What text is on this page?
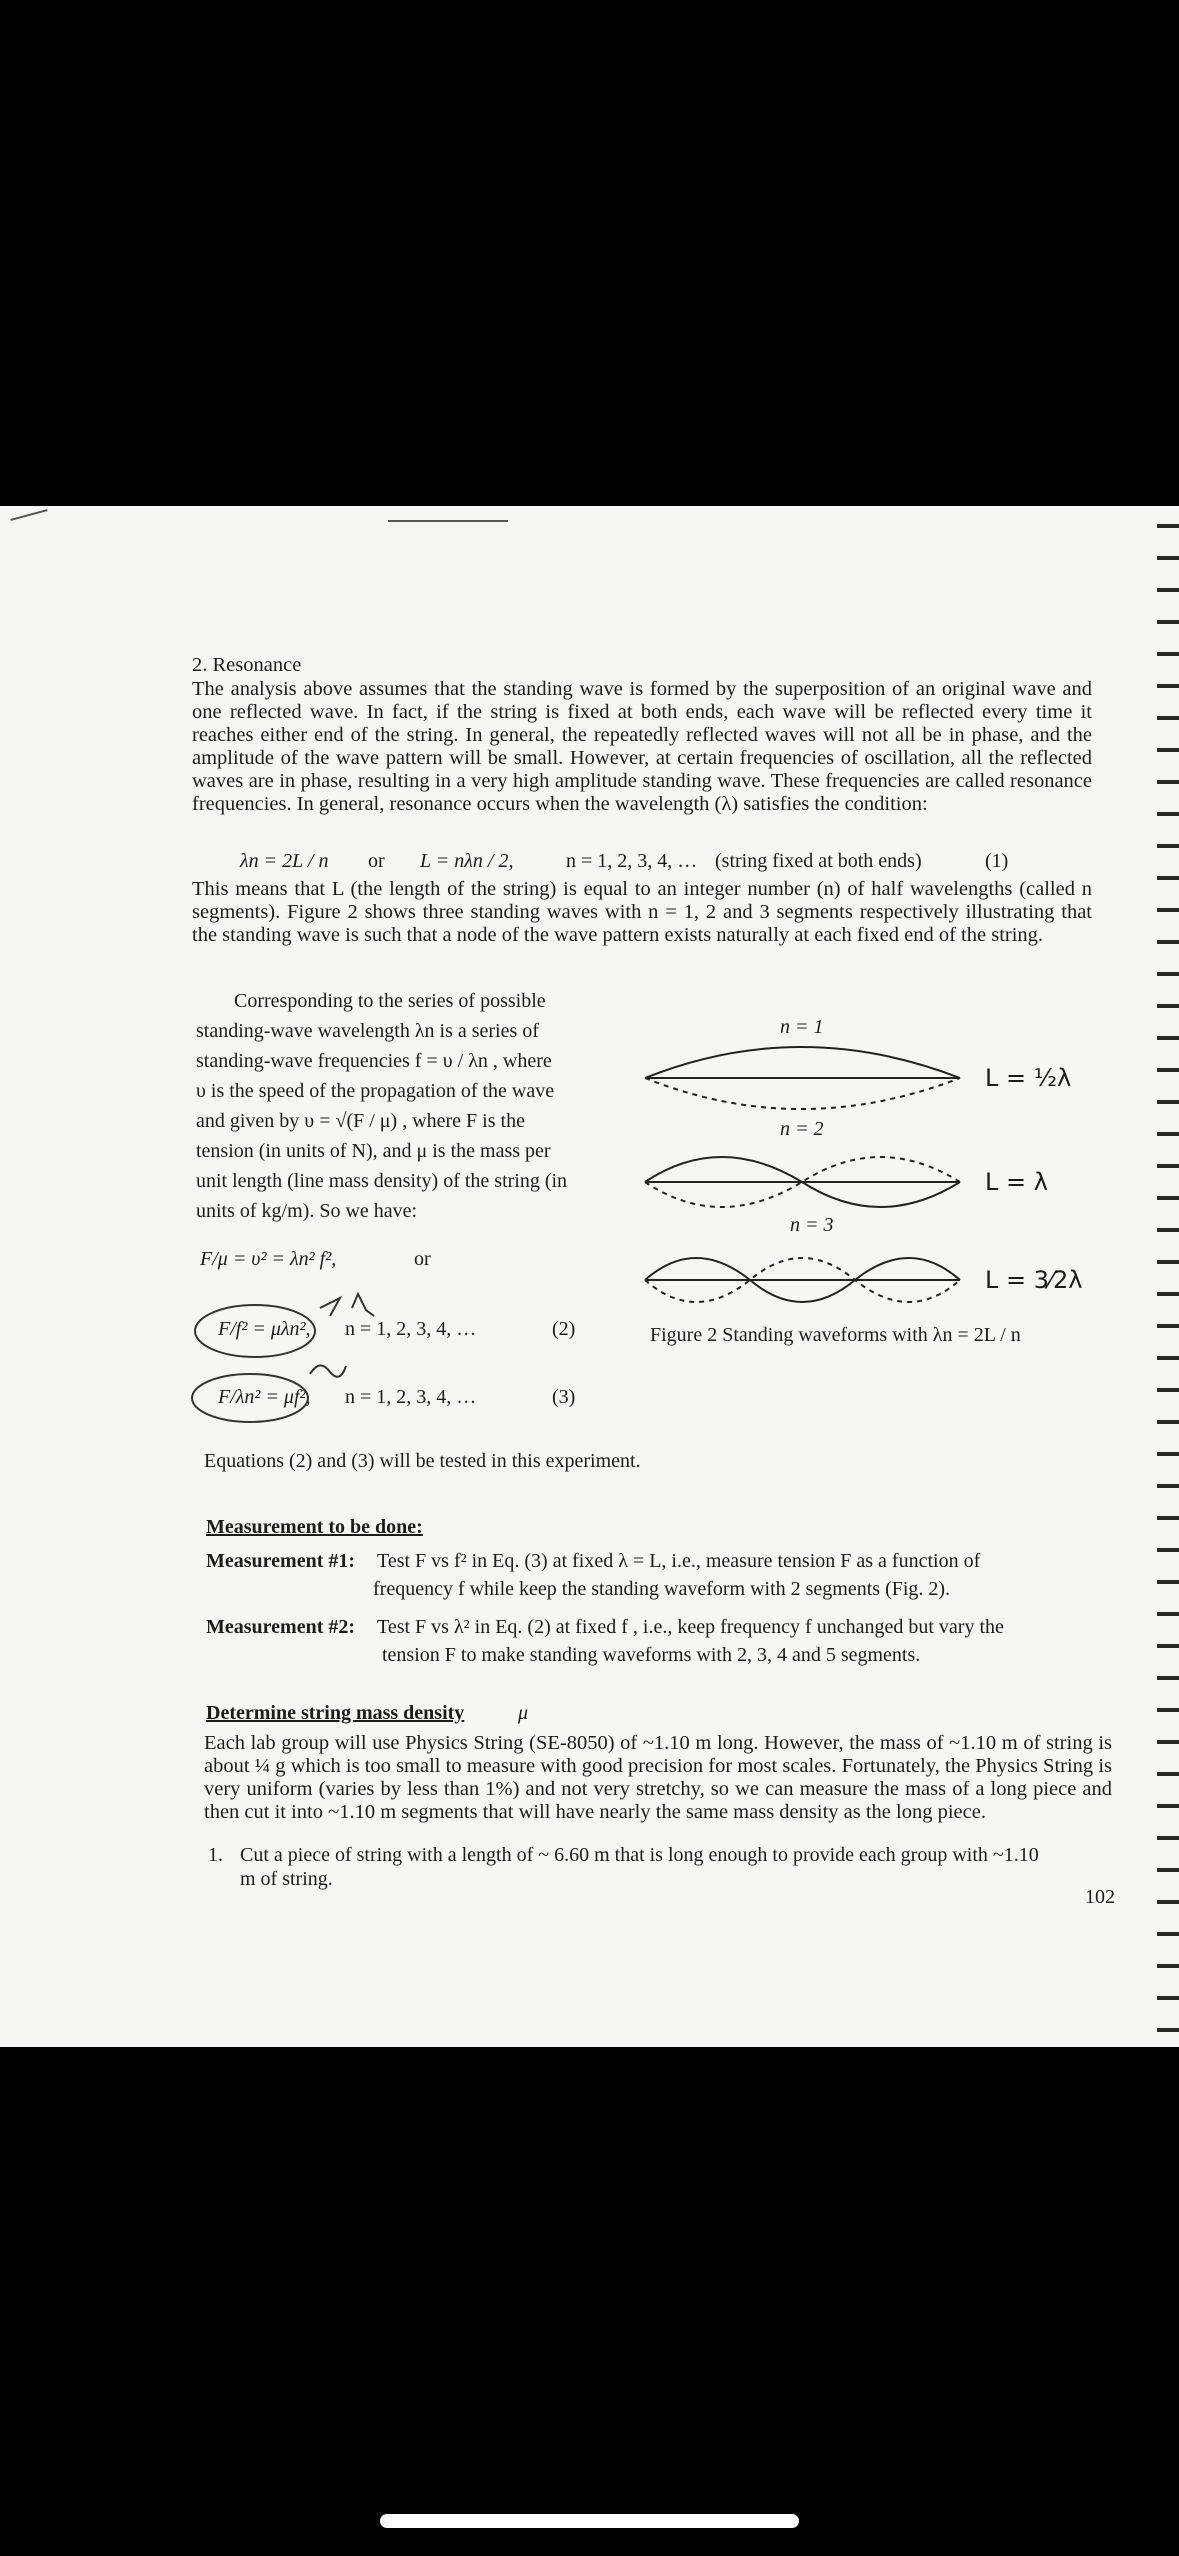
2. Resonance

The analysis above assumes that the standing wave is formed by the superposition of an original wave and one reflected wave. In fact, if the string is fixed at both ends, each wave will be reflected every time it reaches either end of the string. In general, the repeatedly reflected waves will not all be in phase, and the amplitude of the wave pattern will be small. However, at certain frequencies of oscillation, all the reflected waves are in phase, resulting in a very high amplitude standing wave. These frequencies are called resonance frequencies. In general, resonance occurs when the wavelength (λ) satisfies the condition:

λn = 2L / n or L = nλn / 2,	n = 1, 2, 3, 4, … (string fixed at both ends)	(1)

This means that L (the length of the string) is equal to an integer number (n) of half wavelengths (called n segments). Figure 2 shows three standing waves with n = 1, 2 and 3 segments respectively illustrating that the standing wave is such that a node of the wave pattern exists naturally at each fixed end of the string.

Corresponding to the series of possible
standing-wave wavelength λn is a series of
standing-wave frequencies f = υ / λn , where
υ is the speed of the propagation of the wave
and given by υ = √(F / μ) , where F is the
tension (in units of N), and μ is the mass per
unit length (line mass density) of the string (in
units of kg/m). So we have:
F/μ = υ² = λn² f²,	or
F/f² = μλn², n = 1, 2, 3, 4, …	(2)
F/λn² = μf², n = 1, 2, 3, 4, …	(3)
Equations (2) and (3) will be tested in this experiment.
n = 1
n = 2
n = 3
L = ½λ
L = λ
L = 3⁄2λ
Figure 2 Standing waveforms with λn = 2L / n
Measurement to be done:
Measurement #1: Test F vs f² in Eq. (3) at fixed λ = L, i.e., measure tension F as a function of
frequency f while keep the standing waveform with 2 segments (Fig. 2).
Measurement #2: Test F vs λ² in Eq. (2) at fixed f , i.e., keep frequency f unchanged but vary the
tension F to make standing waveforms with 2, 3, 4 and 5 segments.
Determine string mass density	μ

Each lab group will use Physics String (SE-8050) of ~1.10 m long. However, the mass of ~1.10 m of string is about ¼ g which is too small to measure with good precision for most scales. Fortunately, the Physics String is very uniform (varies by less than 1%) and not very stretchy, so we can measure the mass of a long piece and then cut it into ~1.10 m segments that will have nearly the same mass density as the long piece.

1. Cut a piece of string with a length of ~ 6.60 m that is long enough to provide each group with ~1.10
m of string.
102
